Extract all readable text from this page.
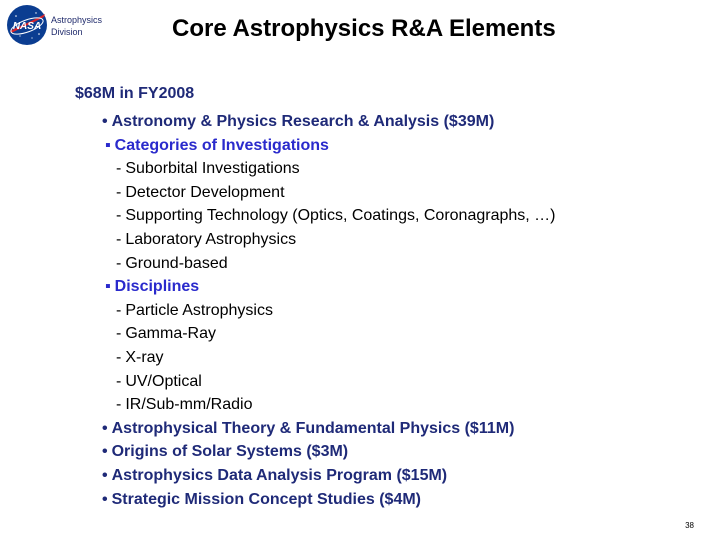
NASA
Astrophysics
Division	Core Astrophysics R&A Elements
$68M in FY2008
• Astronomy & Physics Research & Analysis ($39M)
▪ Categories of Investigations
- Suborbital Investigations
- Detector Development
- Supporting Technology (Optics, Coatings, Coronagraphs, …)
- Laboratory Astrophysics
- Ground-based
▪ Disciplines
- Particle Astrophysics
- Gamma-Ray
- X-ray
- UV/Optical
- IR/Sub-mm/Radio
• Astrophysical Theory & Fundamental Physics ($11M)
• Origins of Solar Systems ($3M)
• Astrophysics Data Analysis Program ($15M)
• Strategic Mission Concept Studies ($4M)
38
